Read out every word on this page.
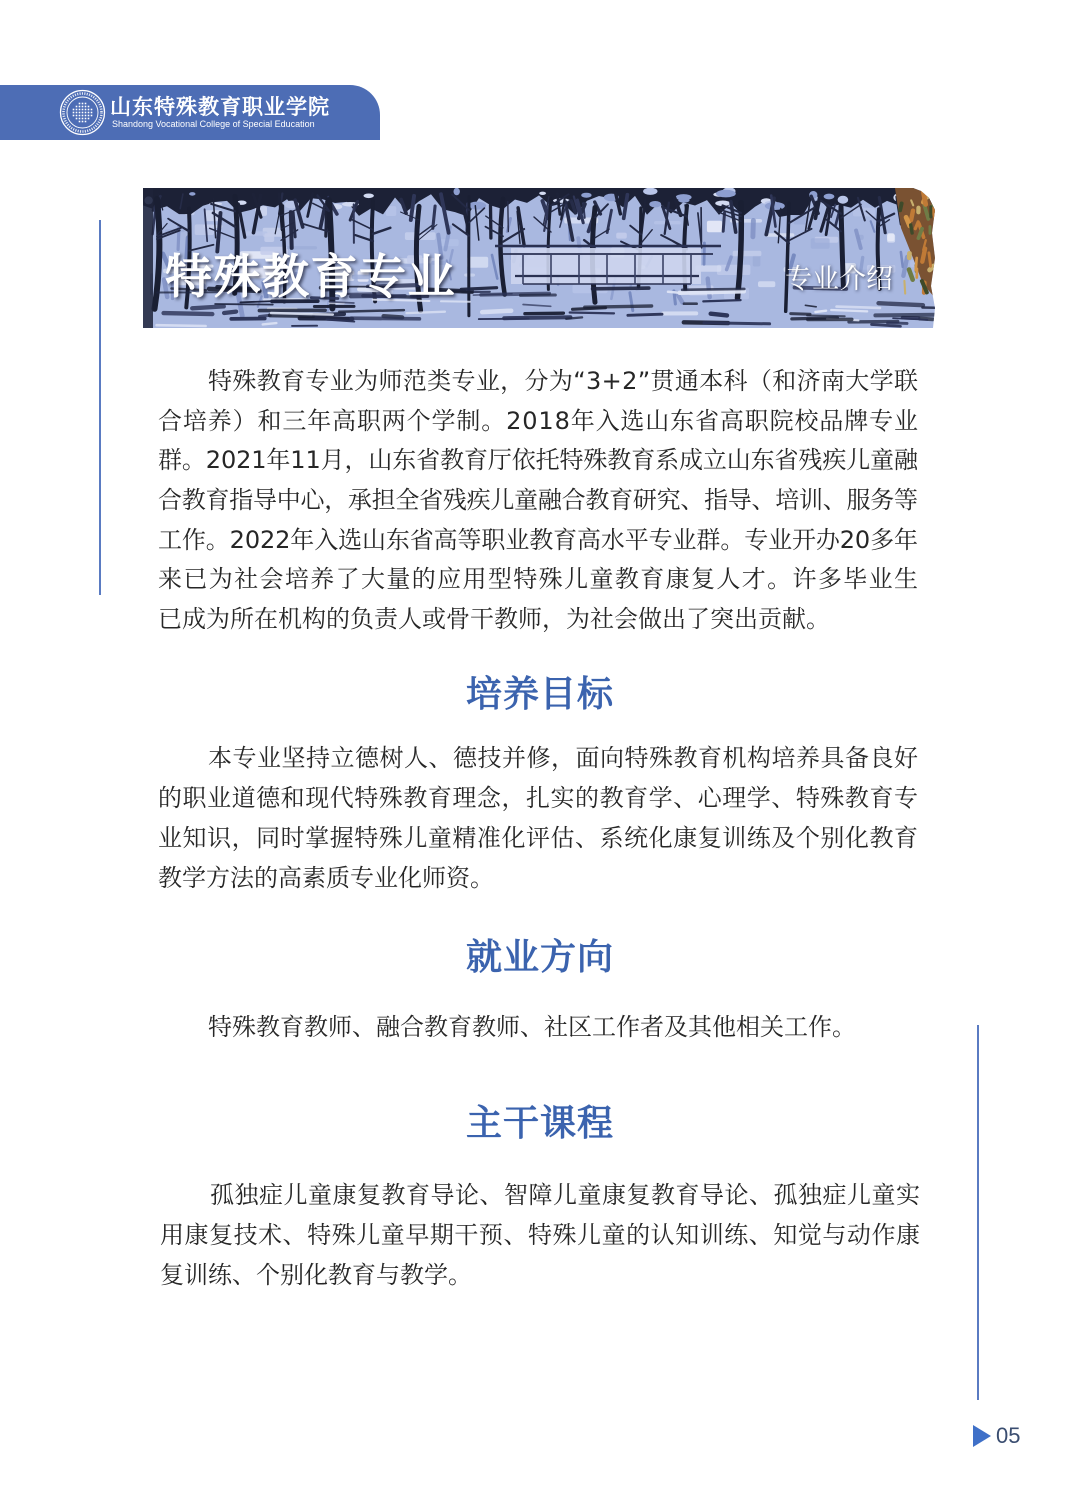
山东特殊教育职业学院
Shandong Vocational College of Special Education
特殊教育专业	专业介绍
特殊教育专业为师范类专业，分为“3+2”贯通本科（和济南大学联
合培养）和三年高职两个学制。2018年入选山东省高职院校品牌专业
群。2021年11月，山东省教育厅依托特殊教育系成立山东省残疾儿童融
合教育指导中心，承担全省残疾儿童融合教育研究、指导、培训、服务等
工作。2022年入选山东省高等职业教育高水平专业群。专业开办20多年
来已为社会培养了大量的应用型特殊儿童教育康复人才。许多毕业生
已成为所在机构的负责人或骨干教师，为社会做出了突出贡献。
培养目标
本专业坚持立德树人、德技并修，面向特殊教育机构培养具备良好
的职业道德和现代特殊教育理念，扎实的教育学、心理学、特殊教育专
业知识，同时掌握特殊儿童精准化评估、系统化康复训练及个别化教育
教学方法的高素质专业化师资。
就业方向
特殊教育教师、融合教育教师、社区工作者及其他相关工作。
主干课程
孤独症儿童康复教育导论、智障儿童康复教育导论、孤独症儿童实
用康复技术、特殊儿童早期干预、特殊儿童的认知训练、知觉与动作康
复训练、个别化教育与教学。
05
